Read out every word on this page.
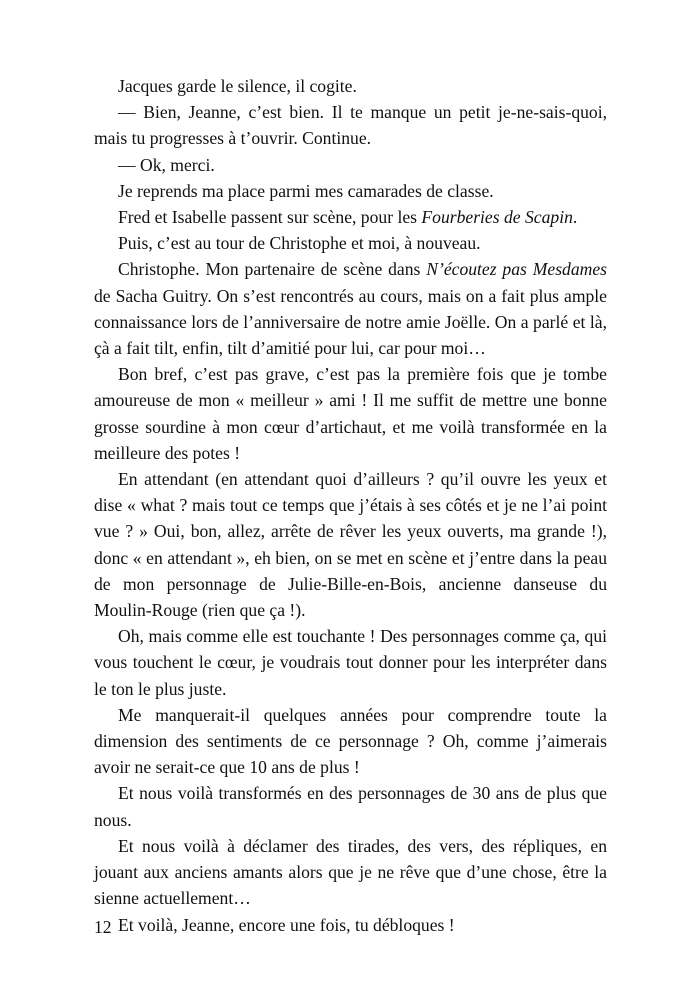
Jacques garde le silence, il cogite.

— Bien, Jeanne, c’est bien. Il te manque un petit je-ne-sais-quoi, mais tu progresses à t’ouvrir. Continue.

— Ok, merci.

Je reprends ma place parmi mes camarades de classe.

Fred et Isabelle passent sur scène, pour les Fourberies de Scapin.

Puis, c’est au tour de Christophe et moi, à nouveau.

Christophe. Mon partenaire de scène dans N’écoutez pas Mesdames de Sacha Guitry. On s’est rencontrés au cours, mais on a fait plus ample connaissance lors de l’anniversaire de notre amie Joëlle. On a parlé et là, çà a fait tilt, enfin, tilt d’amitié pour lui, car pour moi…

Bon bref, c’est pas grave, c’est pas la première fois que je tombe amoureuse de mon « meilleur » ami ! Il me suffit de mettre une bonne grosse sourdine à mon cœur d’artichaut, et me voilà transformée en la meilleure des potes !

En attendant (en attendant quoi d’ailleurs ? qu’il ouvre les yeux et dise « what ? mais tout ce temps que j’étais à ses côtés et je ne l’ai point vue ? » Oui, bon, allez, arrête de rêver les yeux ouverts, ma grande !), donc « en attendant », eh bien, on se met en scène et j’entre dans la peau de mon personnage de Julie-Bille-en-Bois, ancienne danseuse du Moulin-Rouge (rien que ça !).

Oh, mais comme elle est touchante ! Des personnages comme ça, qui vous touchent le cœur, je voudrais tout donner pour les interpréter dans le ton le plus juste.

Me manquerait-il quelques années pour comprendre toute la dimension des sentiments de ce personnage ? Oh, comme j’aimerais avoir ne serait-ce que 10 ans de plus !

Et nous voilà transformés en des personnages de 30 ans de plus que nous.

Et nous voilà à déclamer des tirades, des vers, des répliques, en jouant aux anciens amants alors que je ne rêve que d’une chose, être la sienne actuellement…

Et voilà, Jeanne, encore une fois, tu débloques !

12
